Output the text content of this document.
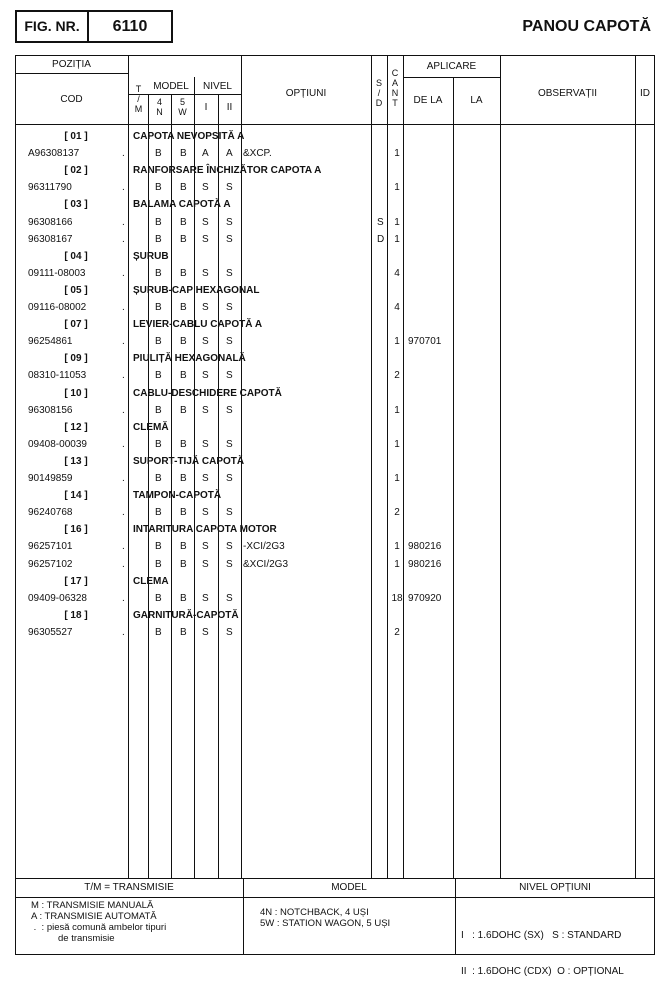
FIG. NR.	6110	PANOU CAPOTĂ
POZIȚIA
COD
T
/
M
MODEL
4
N
5
W
NIVEL
I	II
OPȚIUNI
S
/
D
C
A
N
T
APLICARE
DE LA	LA
OBSERVAȚII	ID
[ 01 ]	CAPOTA NEVOPSITĂ A
A96308137	.	B B A A &XCP.	1
[ 02 ]	RANFORSARE ÎNCHIZĂTOR CAPOTA A
96311790	.	B B S S	1
[ 03 ]	BALAMA CAPOTĂ A
96308166	.	B B S S	S	1
96308167	.	B B S S	D 1
[ 04 ]	ȘURUB
09111-08003	.	B B S S	4
[ 05 ]	ȘURUB-CAP HEXAGONAL
09116-08002	.	B B S S	4
[ 07 ]	LEVIER-CABLU CAPOTĂ A
96254861	.	B B S S	1 970701
[ 09 ]	PIULIȚĂ HEXAGONALĂ
08310-11053	.	B B S S	2
[ 10 ]	CABLU-DESCHIDERE CAPOTĂ
96308156	.	B B S S	1
[ 12 ]	CLEMĂ
09408-00039	.	B B S S	1
[ 13 ]	SUPORT-TIJĂ CAPOTĂ
90149859	.	B B S S	1
[ 14 ]	TAMPON-CAPOTĂ
96240768	.	B B S S	2
[ 16 ]	INTARITURA CAPOTA MOTOR
96257101	.	B B S S -XCI/2G3	1 980216
96257102	.	B B S S &XCI/2G3	1 980216
[ 17 ]	CLEMA
09409-06328	.	B B S S	18 970920
[ 18 ]	GARNITURĂ-CAPOTĂ
96305527	.	B B S S	2
T/M = TRANSMISIE
M : TRANSMISIE MANUALĂ
A : TRANSMISIE AUTOMATĂ
.  : piesă comună ambelor tipuri
de transmisie
MODEL
4N : NOTCHBACK, 4 UȘI
5W : STATION WAGON, 5 UȘI
NIVEL OPȚIUNI

I   : 1.6DOHC (SX)   S : STANDARD

II  : 1.6DOHC (CDX)  O : OPȚIONAL
